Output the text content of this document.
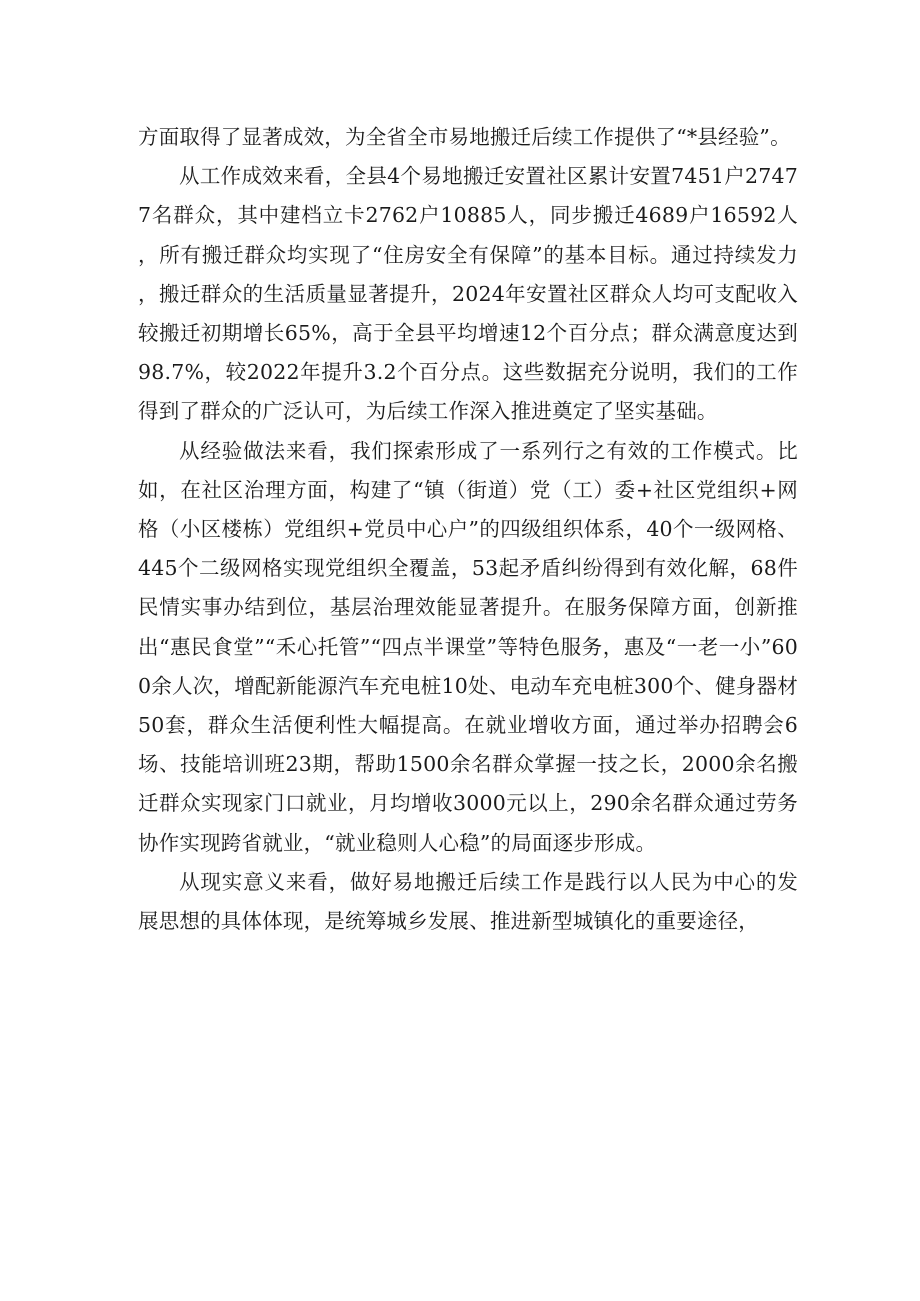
方面取得了显著成效，为全省全市易地搬迁后续工作提供了“*县经验”。

从工作成效来看，全县4个易地搬迁安置社区累计安置7451户27477名群众，其中建档立卡2762户10885人，同步搬迁4689户16592人，所有搬迁群众均实现了“住房安全有保障”的基本目标。通过持续发力，搬迁群众的生活质量显著提升，2024年安置社区群众人均可支配收入较搬迁初期增长65%，高于全县平均增速12个百分点；群众满意度达到98.7%，较2022年提升3.2个百分点。这些数据充分说明，我们的工作得到了群众的广泛认可，为后续工作深入推进奠定了坚实基础。

从经验做法来看，我们探索形成了一系列行之有效的工作模式。比如，在社区治理方面，构建了“镇（街道）党（工）委+社区党组织+网格（小区楼栋）党组织+党员中心户”的四级组织体系，40个一级网格、445个二级网格实现党组织全覆盖，53起矛盾纠纷得到有效化解，68件民情实事办结到位，基层治理效能显著提升。在服务保障方面，创新推出“惠民食堂”“禾心托管”“四点半课堂”等特色服务，惠及“一老一小”600余人次，增配新能源汽车充电桩10处、电动车充电桩300个、健身器材50套，群众生活便利性大幅提高。在就业增收方面，通过举办招聘会6场、技能培训班23期，帮助1500余名群众掌握一技之长，2000余名搬迁群众实现家门口就业，月均增收3000元以上，290余名群众通过劳务协作实现跨省就业，“就业稳则人心稳”的局面逐步形成。

从现实意义来看，做好易地搬迁后续工作是践行以人民为中心的发展思想的具体体现，是统筹城乡发展、推进新型城镇化的重要途径，
